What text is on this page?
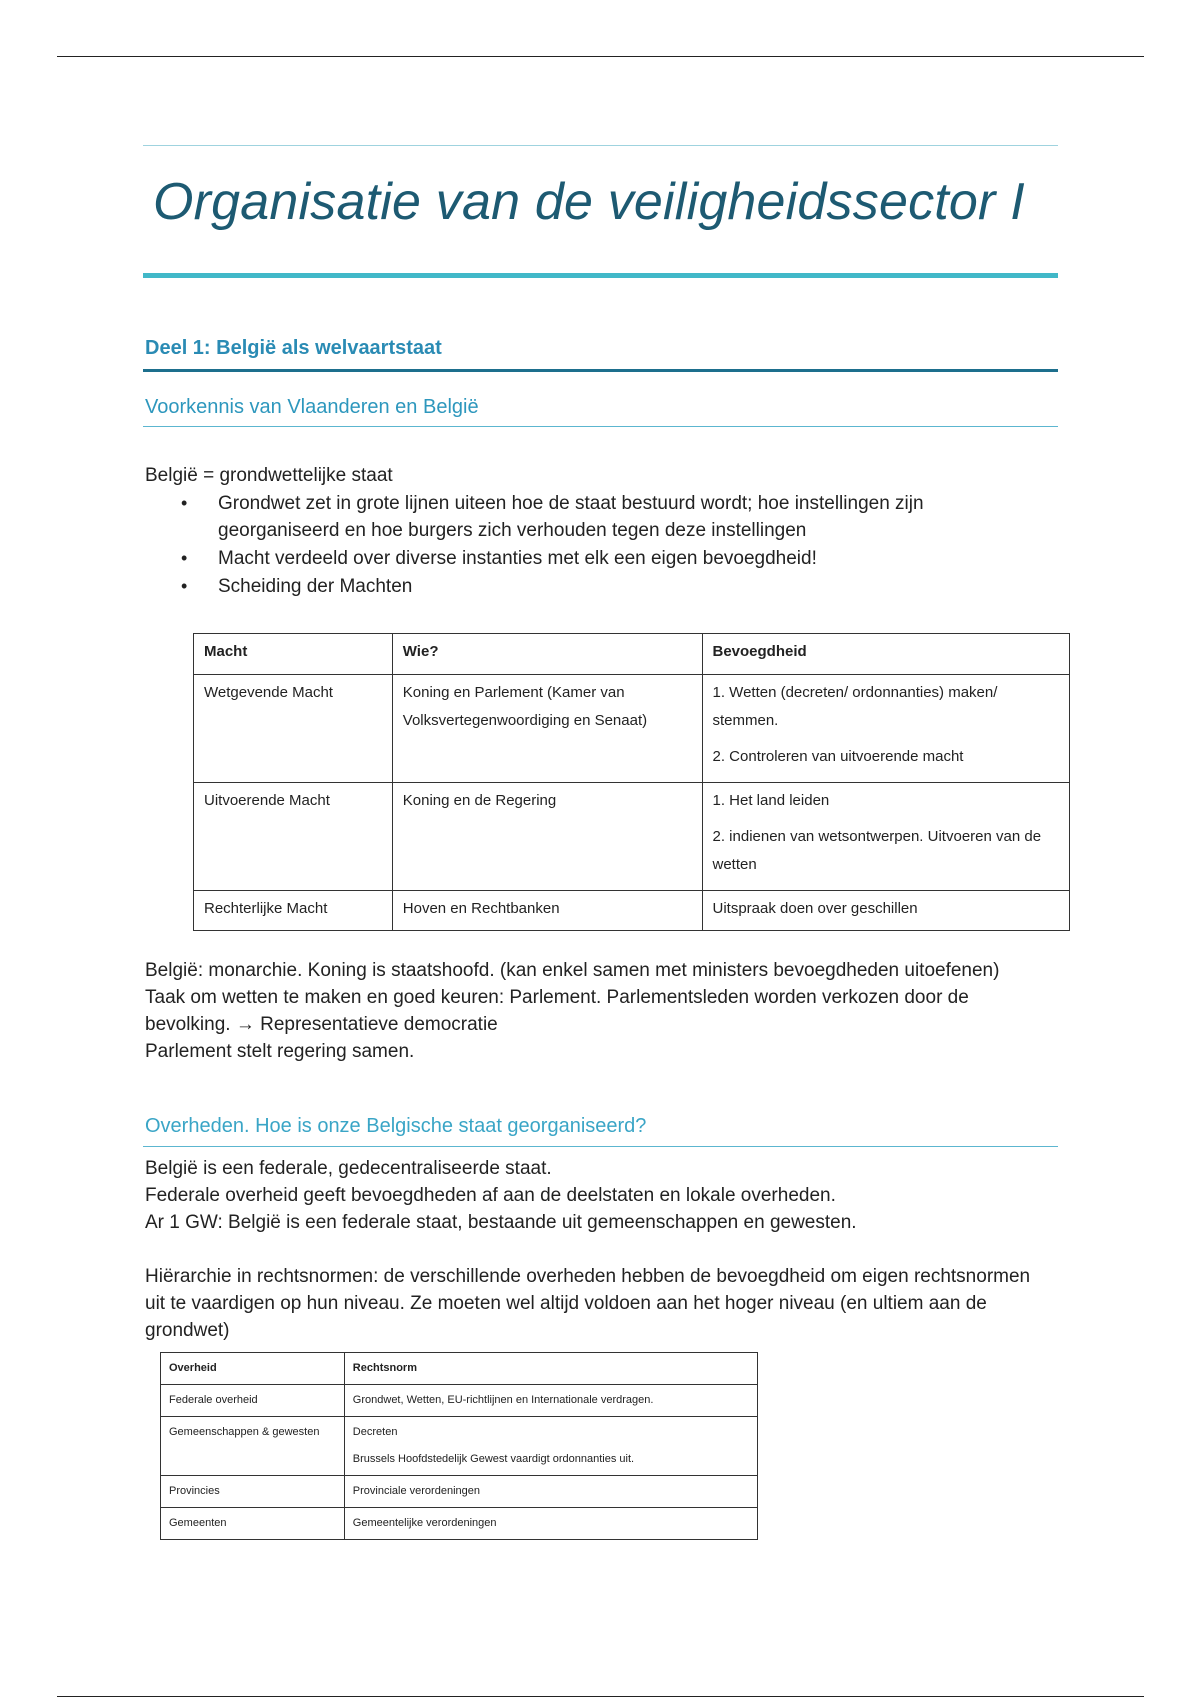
Organisatie van de veiligheidssector I
Deel 1: België als welvaartstaat
Voorkennis van Vlaanderen en België
België = grondwettelijke staat
• Grondwet zet in grote lijnen uiteen hoe de staat bestuurd wordt; hoe instellingen zijn georganiseerd en hoe burgers zich verhouden tegen deze instellingen
• Macht verdeeld over diverse instanties met elk een eigen bevoegdheid!
• Scheiding der Machten
Macht	Wie?	Bevoegdheid
Wetgevende Macht	Koning en Parlement (Kamer van Volksvertegenwoordiging en Senaat)	1. Wetten (decreten/ ordonnanties) maken/ stemmen.
2. Controleren van uitvoerende macht

Uitvoerende Macht	Koning en de Regering	1. Het land leiden
2. indienen van wetsontwerpen. Uitvoeren van de wetten

Rechterlijke Macht	Hoven en Rechtbanken	Uitspraak doen over geschillen
België: monarchie. Koning is staatshoofd. (kan enkel samen met ministers bevoegdheden uitoefenen)
Taak om wetten te maken en goed keuren: Parlement. Parlementsleden worden verkozen door de bevolking. → Representatieve democratie
Parlement stelt regering samen.
Overheden. Hoe is onze Belgische staat georganiseerd?
België is een federale, gedecentraliseerde staat.
Federale overheid geeft bevoegdheden af aan de deelstaten en lokale overheden.
Ar 1 GW: België is een federale staat, bestaande uit gemeenschappen en gewesten.
Hiërarchie in rechtsnormen: de verschillende overheden hebben de bevoegdheid om eigen rechtsnormen uit te vaardigen op hun niveau. Ze moeten wel altijd voldoen aan het hoger niveau (en ultiem aan de grondwet)
Overheid	Rechtsnorm
Federale overheid	Grondwet, Wetten, EU-richtlijnen en Internationale verdragen.

Gemeenschappen & gewesten	Decreten
Brussels Hoofdstedelijk Gewest vaardigt ordonnanties uit.

Provincies	Provinciale verordeningen

Gemeenten	Gemeentelijke verordeningen
